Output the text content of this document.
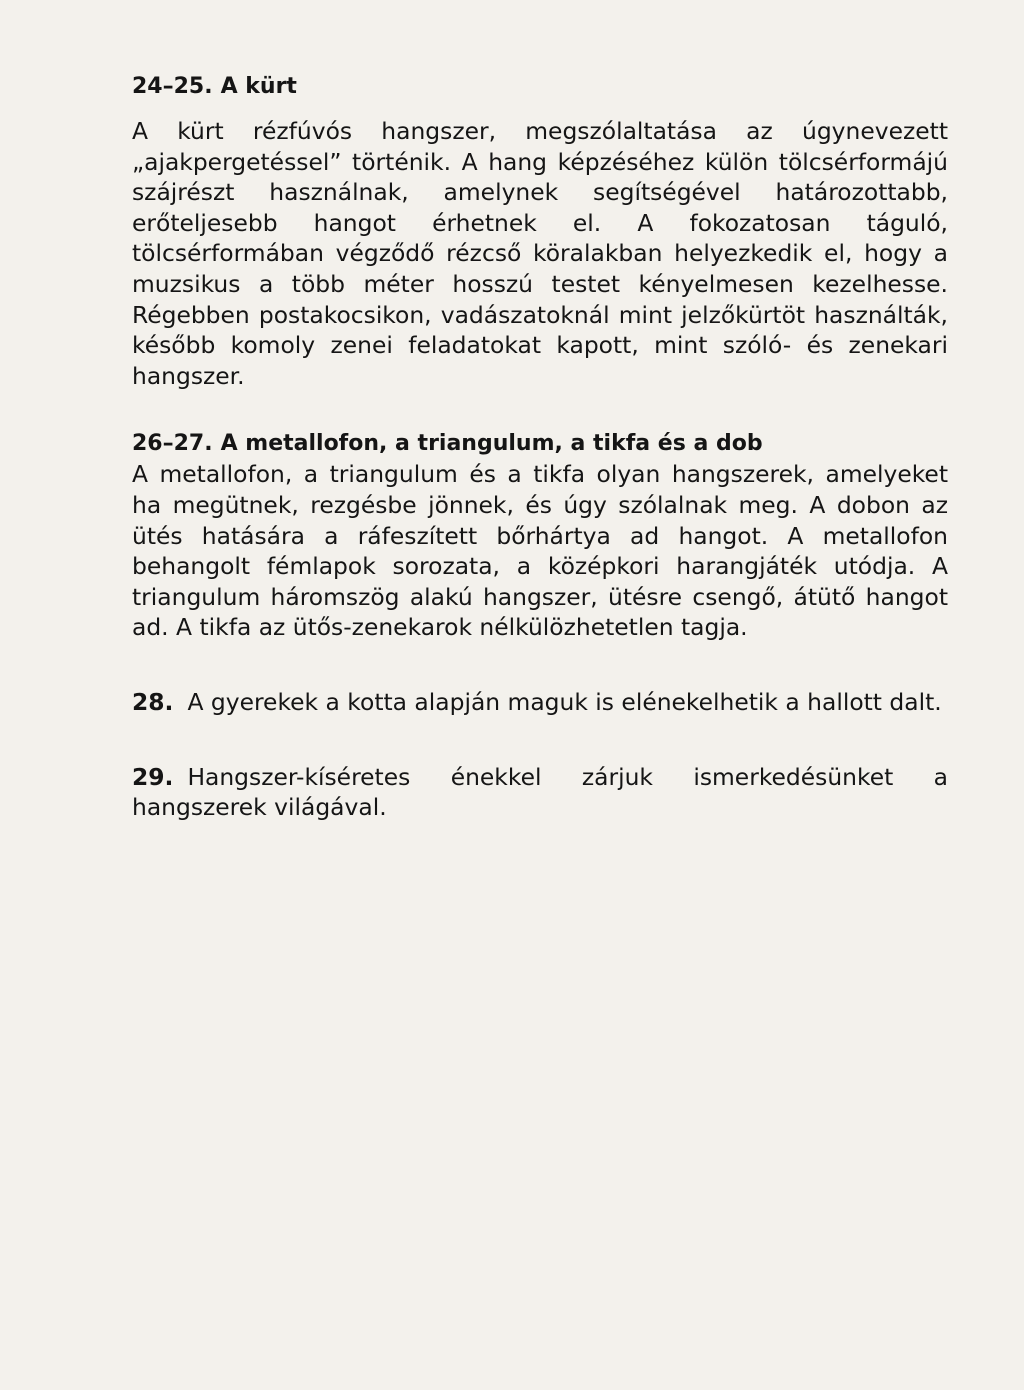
24–25. A kürt

A kürt rézfúvós hangszer, megszólaltatása az úgynevezett „ajakpergetéssel” történik. A hang képzéséhez külön tölcsérformájú szájrészt használnak, amelynek segítségével határozottabb, erőteljesebb hangot érhetnek el. A fokozatosan táguló, tölcsérformában végződő rézcső köralakban helyezkedik el, hogy a muzsikus a több méter hosszú testet kényelmesen kezelhesse. Régebben postakocsikon, vadászatoknál mint jelzőkürtöt használták, később komoly zenei feladatokat kapott, mint szóló- és zenekari hangszer.

26–27. A metallofon, a triangulum, a tikfa és a dob

A metallofon, a triangulum és a tikfa olyan hangszerek, amelyeket ha megütnek, rezgésbe jönnek, és úgy szólalnak meg. A dobon az ütés hatására a ráfeszített bőrhártya ad hangot. A metallofon behangolt fémlapok sorozata, a középkori harangjáték utódja. A triangulum háromszög alakú hangszer, ütésre csengő, átütő hangot ad. A tikfa az ütős-zenekarok nélkülözhetetlen tagja.

28. A gyerekek a kotta alapján maguk is elénekelhetik a hallott dalt.

29. Hangszer-kíséretes énekkel zárjuk ismerkedésünket a hangszerek világával.
